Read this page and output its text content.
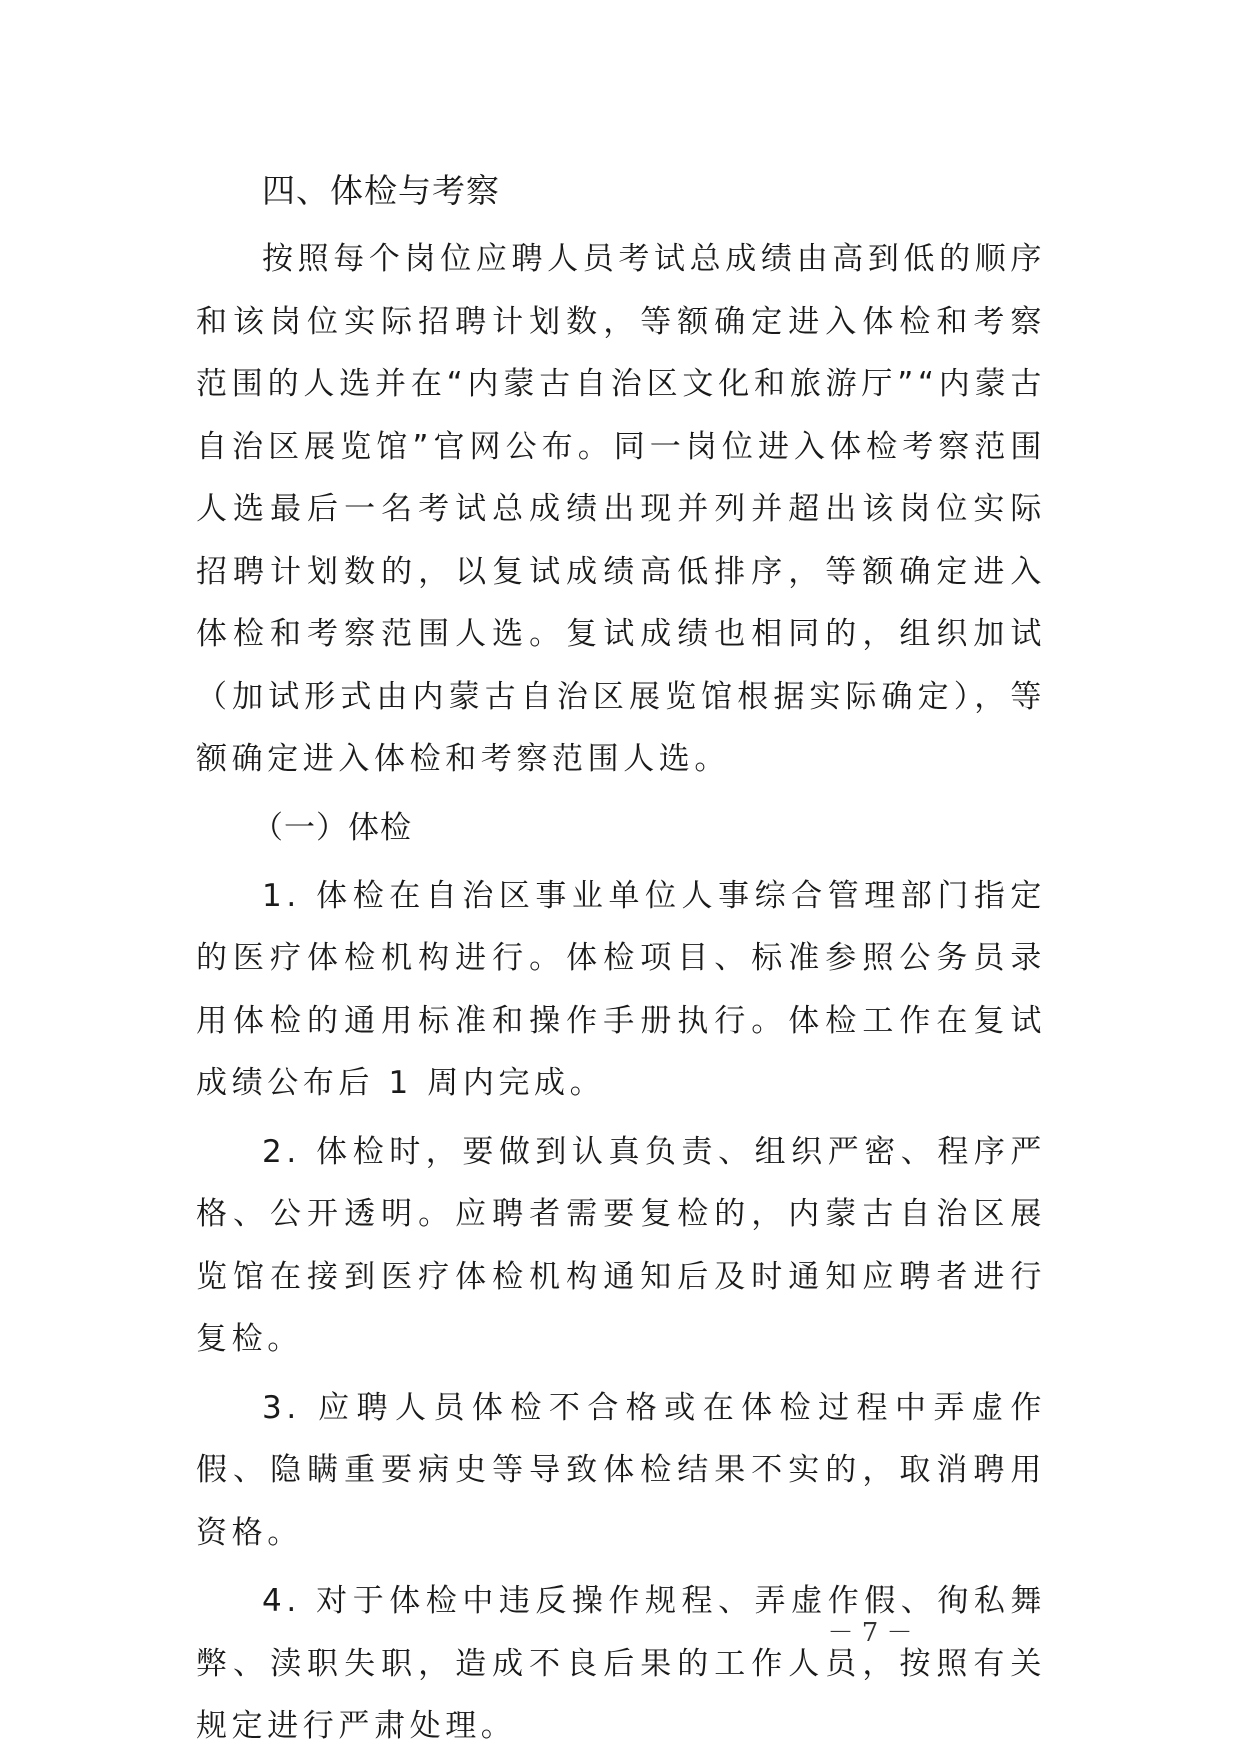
四、体检与考察

按照每个岗位应聘人员考试总成绩由高到低的顺序和该岗位实际招聘计划数，等额确定进入体检和考察范围的人选并在“内蒙古自治区文化和旅游厅”“内蒙古自治区展览馆”官网公布。同一岗位进入体检考察范围人选最后一名考试总成绩出现并列并超出该岗位实际招聘计划数的，以复试成绩高低排序，等额确定进入体检和考察范围人选。复试成绩也相同的，组织加试（加试形式由内蒙古自治区展览馆根据实际确定），等额确定进入体检和考察范围人选。

（一）体检

1. 体检在自治区事业单位人事综合管理部门指定的医疗体检机构进行。体检项目、标准参照公务员录用体检的通用标准和操作手册执行。体检工作在复试成绩公布后 1 周内完成。

2. 体检时，要做到认真负责、组织严密、程序严格、公开透明。应聘者需要复检的，内蒙古自治区展览馆在接到医疗体检机构通知后及时通知应聘者进行复检。

3. 应聘人员体检不合格或在体检过程中弄虚作假、隐瞒重要病史等导致体检结果不实的，取消聘用资格。

4. 对于体检中违反操作规程、弄虚作假、徇私舞弊、渎职失职，造成不良后果的工作人员，按照有关规定进行严肃处理。

－ 7 －
